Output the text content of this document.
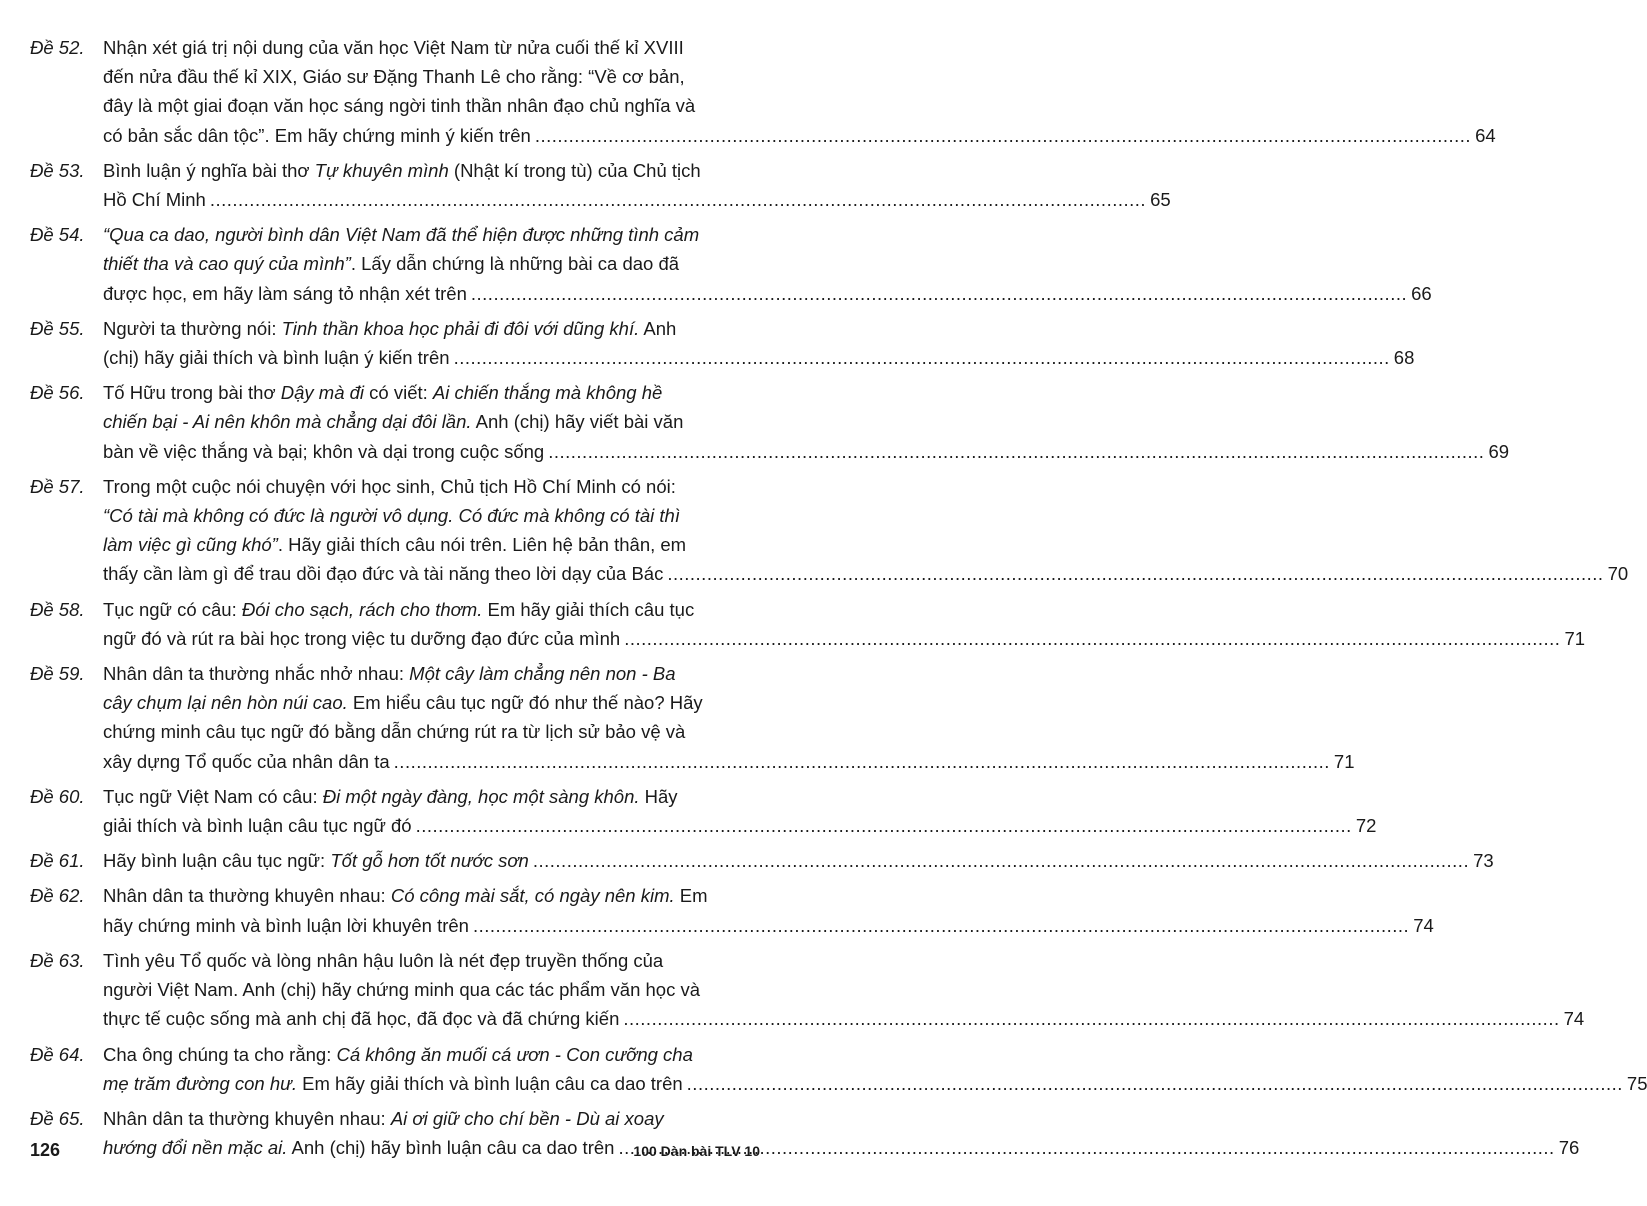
Đề 52. Nhận xét giá trị nội dung của văn học Việt Nam từ nửa cuối thế kỉ XVIII
đến nửa đầu thế kỉ XIX, Giáo sư Đặng Thanh Lê cho rằng: “Về cơ bản,
đây là một giai đoạn văn học sáng ngời tinh thần nhân đạo chủ nghĩa và
có bản sắc dân tộc”. Em hãy chứng minh ý kiến trên .....	64
Đề 53. Bình luận ý nghĩa bài thơ Tự khuyên mình (Nhật kí trong tù) của Chủ tịch
Hồ Chí Minh .....	65
Đề 54. “Qua ca dao, người bình dân Việt Nam đã thể hiện được những tình cảm
thiết tha và cao quý của mình”. Lấy dẫn chứng là những bài ca dao đã
được học, em hãy làm sáng tỏ nhận xét trên .....	66
Đề 55. Người ta thường nói: Tinh thần khoa học phải đi đôi với dũng khí. Anh
(chị) hãy giải thích và bình luận ý kiến trên .....	68
Đề 56. Tố Hữu trong bài thơ Dậy mà đi có viết: Ai chiến thắng mà không hề
chiến bại - Ai nên khôn mà chẳng dại đôi lần. Anh (chị) hãy viết bài văn
bàn về việc thắng và bại; khôn và dại trong cuộc sống .....	69
Đề 57. Trong một cuộc nói chuyện với học sinh, Chủ tịch Hồ Chí Minh có nói:
“Có tài mà không có đức là người vô dụng. Có đức mà không có tài thì
làm việc gì cũng khó”. Hãy giải thích câu nói trên. Liên hệ bản thân, em
thấy cần làm gì để trau dồi đạo đức và tài năng theo lời dạy của Bác .....	70
Đề 58. Tục ngữ có câu: Đói cho sạch, rách cho thơm. Em hãy giải thích câu tục
ngữ đó và rút ra bài học trong việc tu dưỡng đạo đức của mình .....	71
Đề 59. Nhân dân ta thường nhắc nhở nhau: Một cây làm chẳng nên non - Ba
cây chụm lại nên hòn núi cao. Em hiểu câu tục ngữ đó như thế nào? Hãy
chứng minh câu tục ngữ đó bằng dẫn chứng rút ra từ lịch sử bảo vệ và
xây dựng Tổ quốc của nhân dân ta .....	71
Đề 60. Tục ngữ Việt Nam có câu: Đi một ngày đàng, học một sàng khôn. Hãy
giải thích và bình luận câu tục ngữ đó .....	72
Đề 61. Hãy bình luận câu tục ngữ: Tốt gỗ hơn tốt nước sơn .....	73
Đề 62. Nhân dân ta thường khuyên nhau: Có công mài sắt, có ngày nên kim. Em
hãy chứng minh và bình luận lời khuyên trên .....	74
Đề 63. Tình yêu Tổ quốc và lòng nhân hậu luôn là nét đẹp truyền thống của
người Việt Nam. Anh (chị) hãy chứng minh qua các tác phẩm văn học và
thực tế cuộc sống mà anh chị đã học, đã đọc và đã chứng kiến .....	74
Đề 64. Cha ông chúng ta cho rằng: Cá không ăn muối cá ươn - Con cưỡng cha
mẹ trăm đường con hư. Em hãy giải thích và bình luận câu ca dao trên .....	75
Đề 65. Nhân dân ta thường khuyên nhau: Ai ơi giữ cho chí bền - Dù ai xoay
hướng đổi nền mặc ai. Anh (chị) hãy bình luận câu ca dao trên .....	76
126	100 Dàn bài TLV 10
